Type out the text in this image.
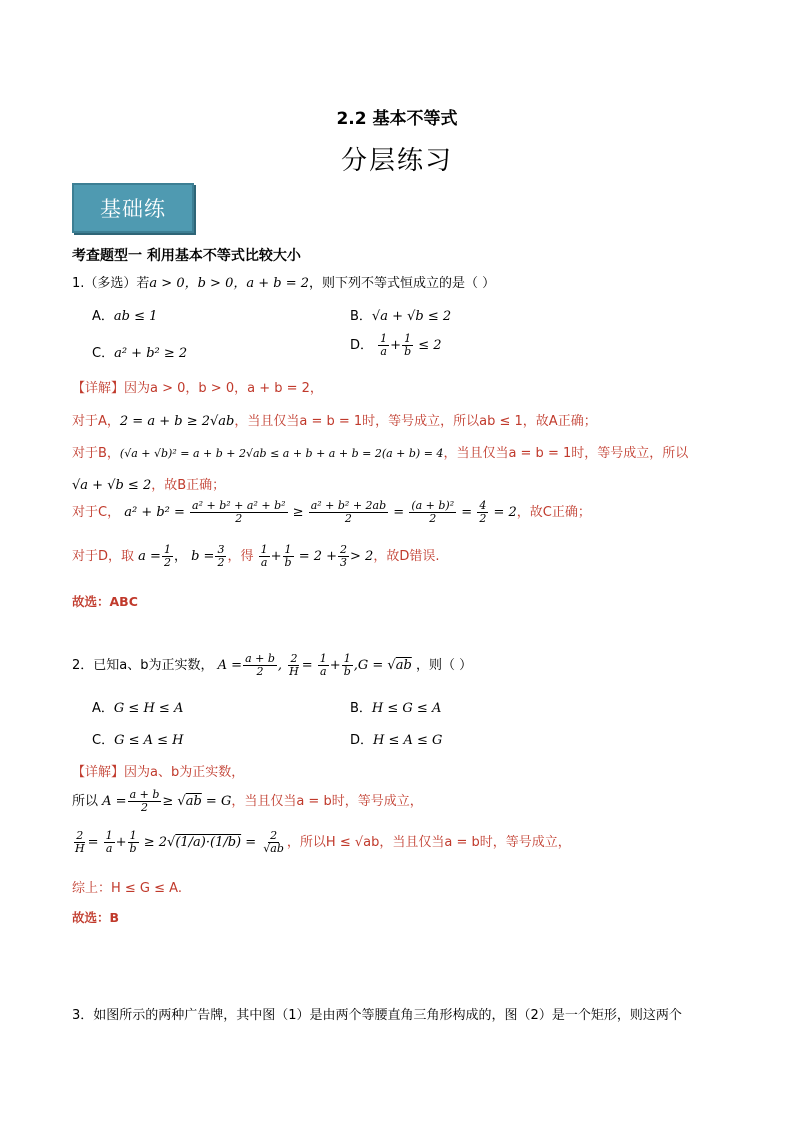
2.2 基本不等式
分层练习
基础练
考查题型一 利用基本不等式比较大小
1.（多选）若a > 0，b > 0，a + b = 2，则下列不等式恒成立的是（ ）
A．ab ≤ 1	B．√a + √b ≤ 2
C．a² + b² ≥ 2
D． $\frac{1}{a} + \frac{1}{b} \le 2$
【详解】因为a > 0，b > 0，a + b = 2，
对于A，2 = a + b ≥ 2√ab，当且仅当a = b = 1时，等号成立，所以ab ≤ 1，故A正确；
对于B，(√a + √b)² = a + b + 2√ab ≤ a + b + a + b = 2(a + b) = 4，当且仅当a = b = 1时，等号成立，所以
√a + √b ≤ 2，故B正确；
对于C， $a^2 + b^2 = \frac{\text{a² + b² + a² + b²}}{2} \ge \frac{\text{a² + b² + 2ab}}{2} = \frac{\text{(a + b)²}}{2} = \frac{4}{2} = 2$，故C正确；
对于D，取 $a = \frac{1}{2}$ ， $b = \frac{3}{2}$ ，得 $\frac{1}{a} + \frac{1}{b} = 2 + \frac{2}{3} > 2$，故D错误.
故选：ABC
2．已知a、b为正实数， $A = \frac{a + b}{2}$ , $\frac{2}{H} = \frac{1}{a} + \frac{1}{b} ,G = √ab$ ，则（ ）
A．G ≤ H ≤ A	B．H ≤ G ≤ A
C．G ≤ A ≤ H	D．H ≤ A ≤ G
【详解】因为a、b为正实数，
所以 $A = \frac{a + b}{2} \ge √ab = G$，当且仅当a = b时，等号成立，
$\frac{2}{H} = \frac{1}{a} + \frac{1}{b} \ge 2√(1/a)\cdot(1/b) = \frac{2}{√ab}$ ，所以H ≤ √ab，当且仅当a = b时，等号成立，
综上：H ≤ G ≤ A.
故选：B
3．如图所示的两种广告牌，其中图（1）是由两个等腰直角三角形构成的，图（2）是一个矩形，则这两个
